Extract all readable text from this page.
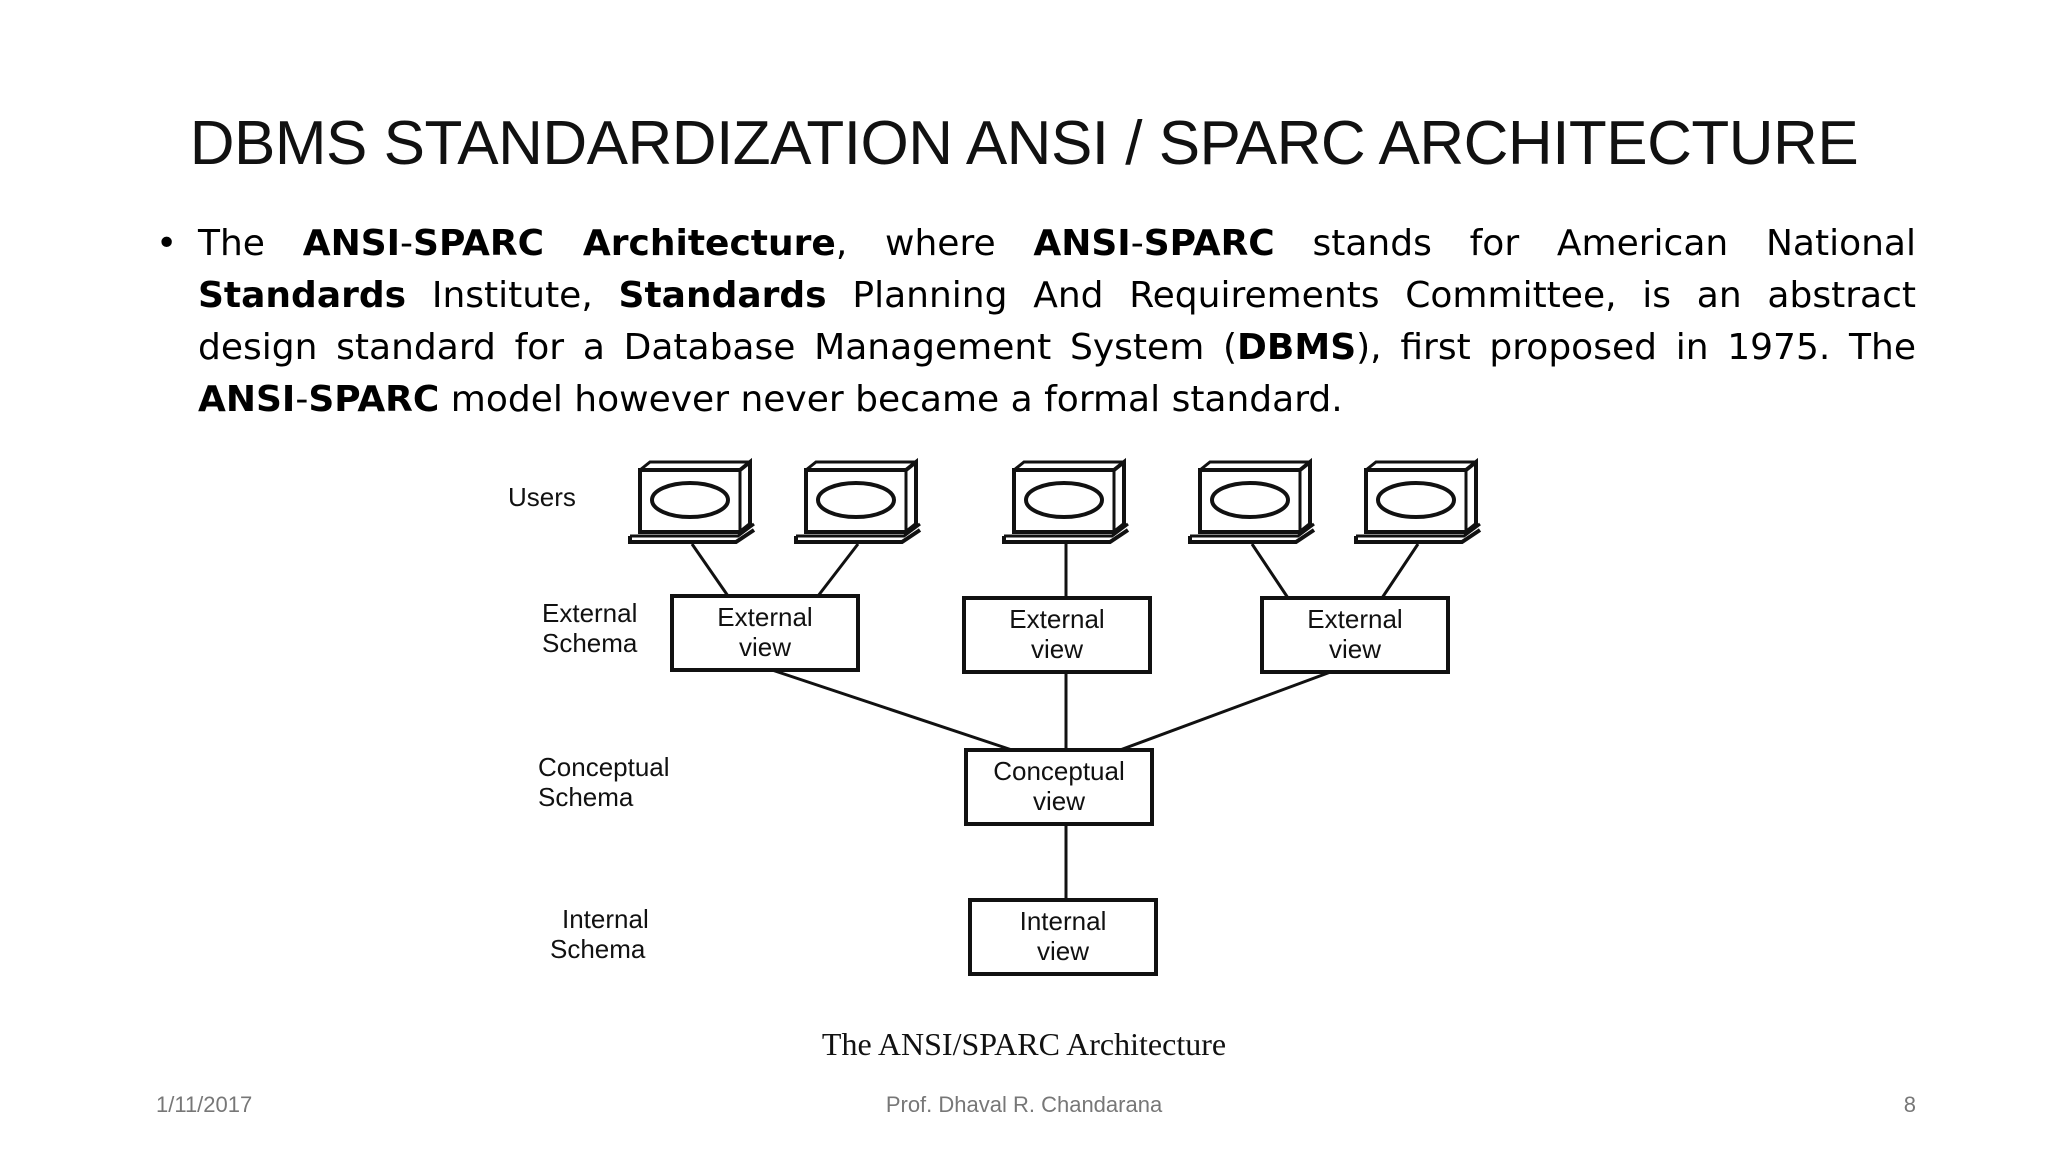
DBMS STANDARDIZATION ANSI / SPARC ARCHITECTURE
• The ANSI-SPARC Architecture, where ANSI-SPARC stands for American National Standards Institute, Standards Planning And Requirements Committee, is an abstract design standard for a Database Management System (DBMS), first proposed in 1975. The ANSI-SPARC model however never became a formal standard.
Users
External
Schema
Conceptual
Schema
Internal
Schema
External
view
External
view
External
view
Conceptual
view
Internal
view
The ANSI/SPARC Architecture
1/11/2017	Prof. Dhaval R. Chandarana	8
